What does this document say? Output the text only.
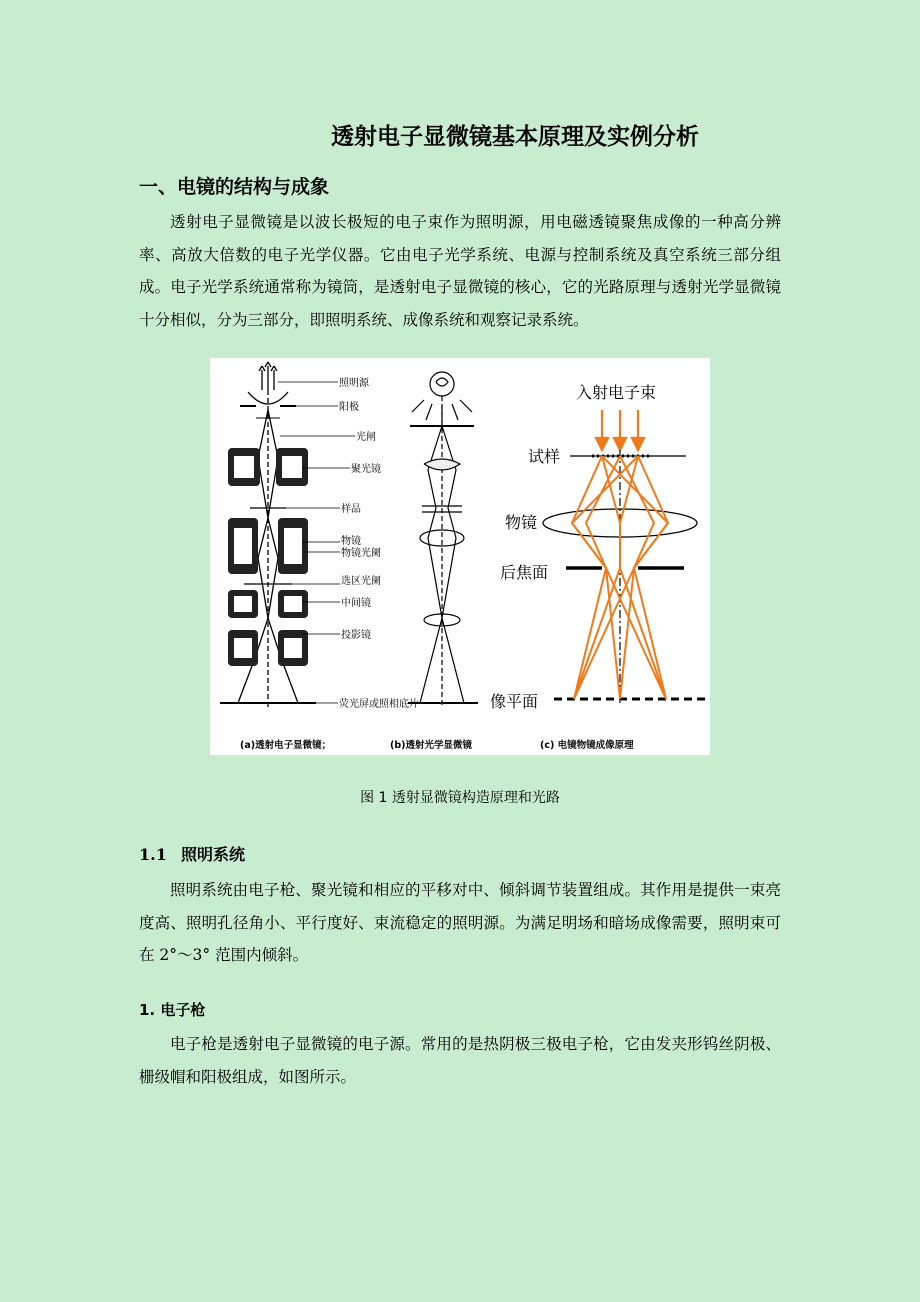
透射电子显微镜基本原理及实例分析
一、电镜的结构与成象

透射电子显微镜是以波长极短的电子束作为照明源，用电磁透镜聚焦成像的一种高分辨率、高放大倍数的电子光学仪器。它由电子光学系统、电源与控制系统及真空系统三部分组成。电子光学系统通常称为镜筒，是透射电子显微镜的核心，它的光路原理与透射光学显微镜十分相似，分为三部分，即照明系统、成像系统和观察记录系统。

照明源
阳极
光闸
聚光镜
样品
物镜
物镜光阑
选区光阑
中间镜
投影镜
荧光屏或照相底片
(a)透射电子显微镜；	(b)透射光学显微镜	(c) 电镜物镜成像原理
入射电子束
试样
物镜
后焦面
像平面
图 1 透射显微镜构造原理和光路
1.1 照明系统

照明系统由电子枪、聚光镜和相应的平移对中、倾斜调节装置组成。其作用是提供一束亮度高、照明孔径角小、平行度好、束流稳定的照明源。为满足明场和暗场成像需要，照明束可在 2°～3° 范围内倾斜。

1. 电子枪

电子枪是透射电子显微镜的电子源。常用的是热阴极三极电子枪，它由发夹形钨丝阴极、栅级帽和阳极组成，如图所示。
